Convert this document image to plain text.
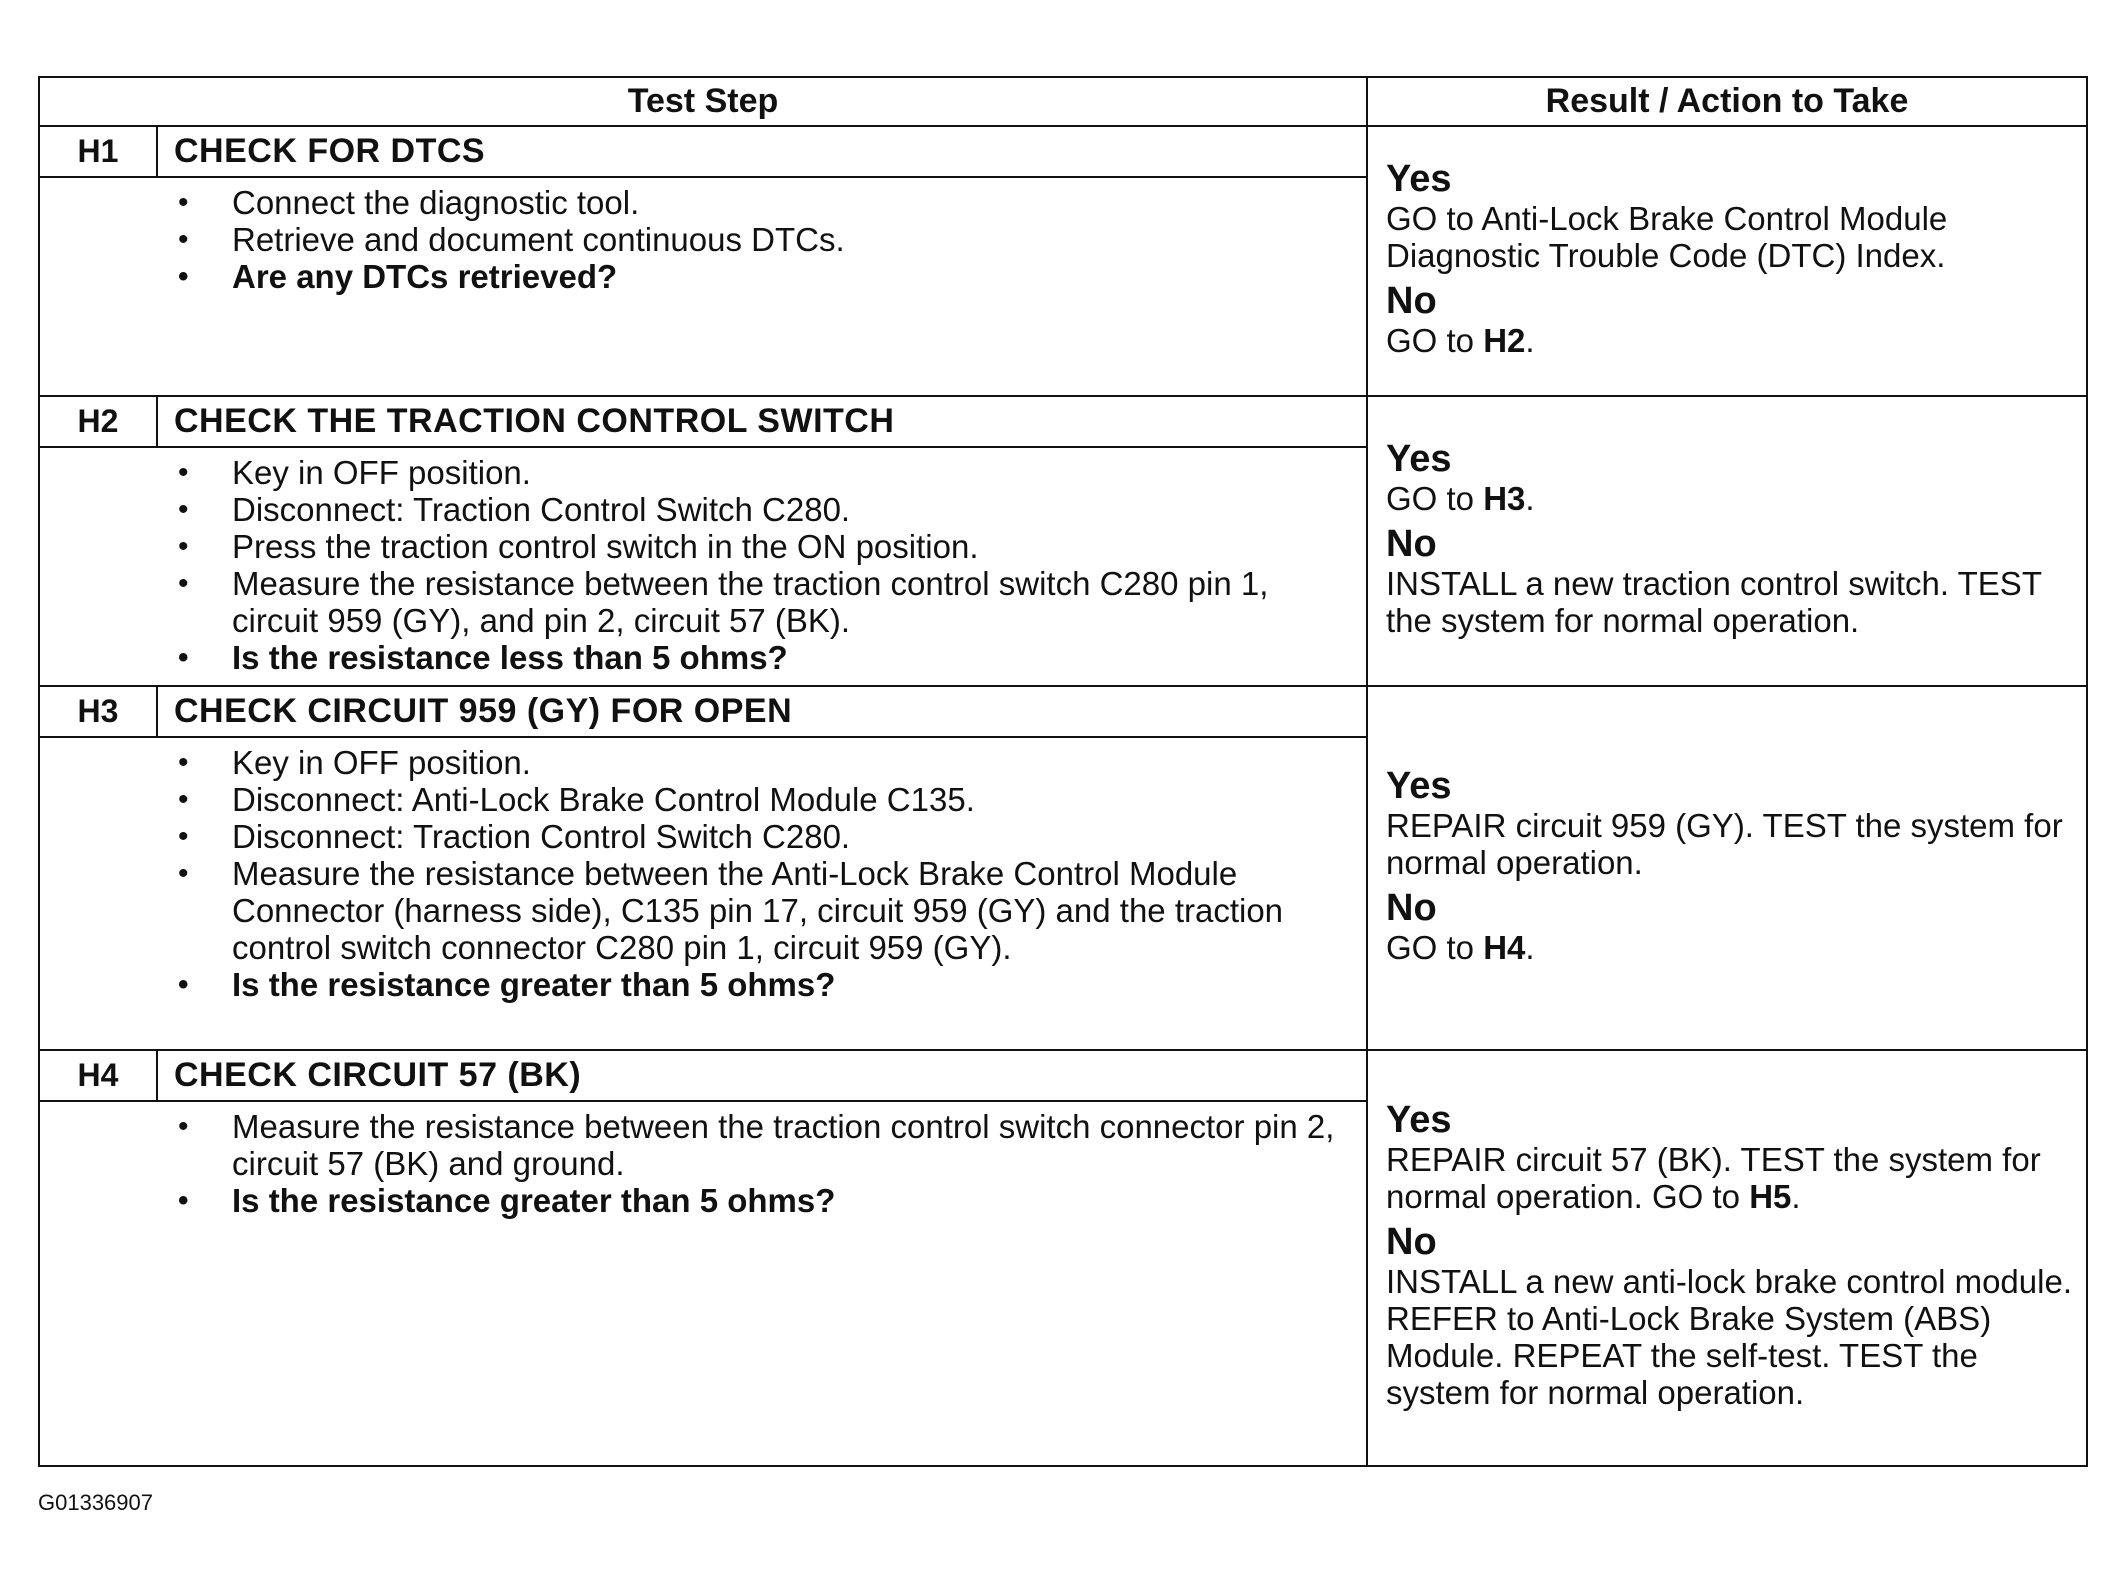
Test Step	Result / Action to Take
H1	CHECK FOR DTCS
• Connect the diagnostic tool.
• Retrieve and document continuous DTCs.
• Are any DTCs retrieved?
Yes
GO to Anti-Lock Brake Control Module Diagnostic Trouble Code (DTC) Index.
No
GO to H2.
H2	CHECK THE TRACTION CONTROL SWITCH
• Key in OFF position.
• Disconnect: Traction Control Switch C280.
• Press the traction control switch in the ON position.
• Measure the resistance between the traction control switch C280 pin 1, circuit 959 (GY), and pin 2, circuit 57 (BK).
• Is the resistance less than 5 ohms?
Yes
GO to H3.
No
INSTALL a new traction control switch. TEST the system for normal operation.
H3	CHECK CIRCUIT 959 (GY) FOR OPEN
• Key in OFF position.
• Disconnect: Anti-Lock Brake Control Module C135.
• Disconnect: Traction Control Switch C280.
• Measure the resistance between the Anti-Lock Brake Control Module Connector (harness side), C135 pin 17, circuit 959 (GY) and the traction control switch connector C280 pin 1, circuit 959 (GY).
• Is the resistance greater than 5 ohms?
Yes
REPAIR circuit 959 (GY). TEST the system for normal operation.
No
GO to H4.
H4	CHECK CIRCUIT 57 (BK)
• Measure the resistance between the traction control switch connector pin 2, circuit 57 (BK) and ground.
• Is the resistance greater than 5 ohms?
Yes
REPAIR circuit 57 (BK). TEST the system for normal operation. GO to H5.
No
INSTALL a new anti-lock brake control module. REFER to Anti-Lock Brake System (ABS) Module. REPEAT the self-test. TEST the system for normal operation.
G01336907
